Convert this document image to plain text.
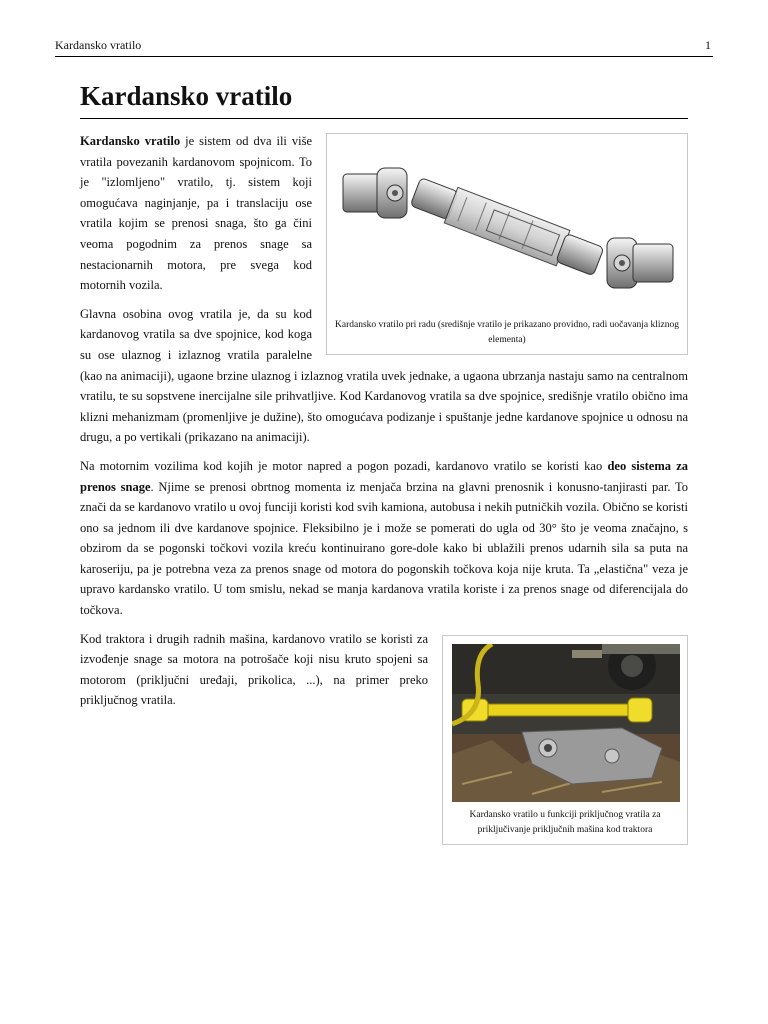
Kardansko vratilo	1
Kardansko vratilo
Kardansko vratilo pri radu (središnje vratilo je prikazano providno, radi uočavanja kliznog elementa)

Kardansko vratilo je sistem od dva ili više vratila povezanih kardanovom spojnicom. To je "izlomljeno" vratilo, tj. sistem koji omogućava naginjanje, pa i translaciju ose vratila kojim se prenosi snaga, što ga čini veoma pogodnim za prenos snage sa nestacionarnih motora, pre svega kod motornih vozila.

Glavna osobina ovog vratila je, da su kod kardanovog vratila sa dve spojnice, kod koga su ose ulaznog i izlaznog vratila paralelne (kao na animaciji), ugaone brzine ulaznog i izlaznog vratila uvek jednake, a ugaona ubrzanja nastaju samo na centralnom vratilu, te su sopstvene inercijalne sile prihvatljive. Kod Kardanovog vratila sa dve spojnice, središnje vratilo obično ima klizni mehanizmam (promenljive je dužine), što omogućava podizanje i spuštanje jedne kardanove spojnice u odnosu na drugu, a po vertikali (prikazano na animaciji).

Na motornim vozilima kod kojih je motor napred a pogon pozadi, kardanovo vratilo se koristi kao deo sistema za prenos snage. Njime se prenosi obrtnog momenta iz menjača brzina na glavni prenosnik i konusno-tanjirasti par. To znači da se kardanovo vratilo u ovoj funciji koristi kod svih kamiona, autobusa i nekih putničkih vozila. Obično se koristi ono sa jednom ili dve kardanove spojnice. Fleksibilno je i može se pomerati do ugla od 30° što je veoma značajno, s obzirom da se pogonski točkovi vozila kreću kontinuirano gore-dole kako bi ublažili prenos udarnih sila sa puta na karoseriju, pa je potrebna veza za prenos snage od motora do pogonskih točkova koja nije kruta. Ta „elastična" veza je upravo kardansko vratilo. U tom smislu, nekad se manja kardanova vratila koriste i za prenos snage od diferencijala do točkova.

Kardansko vratilo u funkciji priključnog vratila za priključivanje priključnih mašina kod traktora

Kod traktora i drugih radnih mašina, kardanovo vratilo se koristi za izvođenje snage sa motora na potrošače koji nisu kruto spojeni sa motorom (priključni uređaji, prikolica, ...), na primer preko priključnog vratila.
